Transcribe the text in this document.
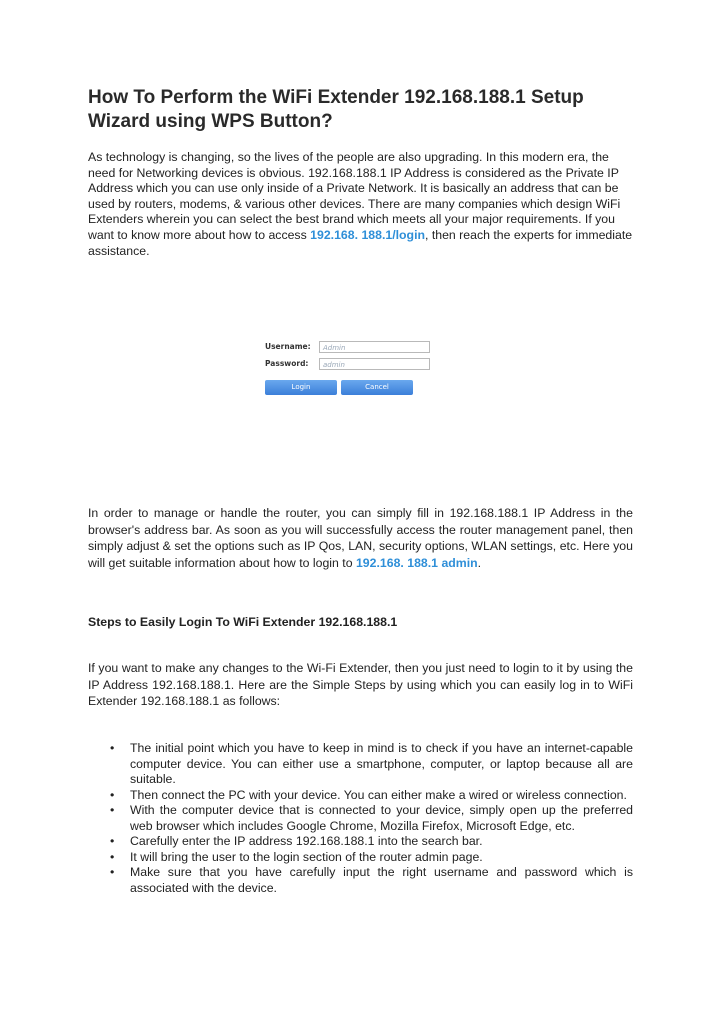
How To Perform the WiFi Extender 192.168.188.1 Setup Wizard using WPS Button?

As technology is changing, so the lives of the people are also upgrading. In this modern era, the need for Networking devices is obvious. 192.168.188.1 IP Address is considered as the Private IP Address which you can use only inside of a Private Network. It is basically an address that can be used by routers, modems, & various other devices. There are many companies which design WiFi Extenders wherein you can select the best brand which meets all your major requirements. If you want to know more about how to access 192.168. 188.1/login, then reach the experts for immediate assistance.

Username:	Admin
Password:	admin
Login	Cancel

In order to manage or handle the router, you can simply fill in 192.168.188.1 IP Address in the browser's address bar. As soon as you will successfully access the router management panel, then simply adjust & set the options such as IP Qos, LAN, security options, WLAN settings, etc. Here you will get suitable information about how to login to 192.168. 188.1 admin.

Steps to Easily Login To WiFi Extender 192.168.188.1

If you want to make any changes to the Wi-Fi Extender, then you just need to login to it by using the IP Address 192.168.188.1. Here are the Simple Steps by using which you can easily log in to WiFi Extender 192.168.188.1 as follows:

• The initial point which you have to keep in mind is to check if you have an internet-capable computer device. You can either use a smartphone, computer, or laptop because all are suitable.
• Then connect the PC with your device. You can either make a wired or wireless connection.
• With the computer device that is connected to your device, simply open up the preferred web browser which includes Google Chrome, Mozilla Firefox, Microsoft Edge, etc.
• Carefully enter the IP address 192.168.188.1 into the search bar.
• It will bring the user to the login section of the router admin page.
• Make sure that you have carefully input the right username and password which is associated with the device.
